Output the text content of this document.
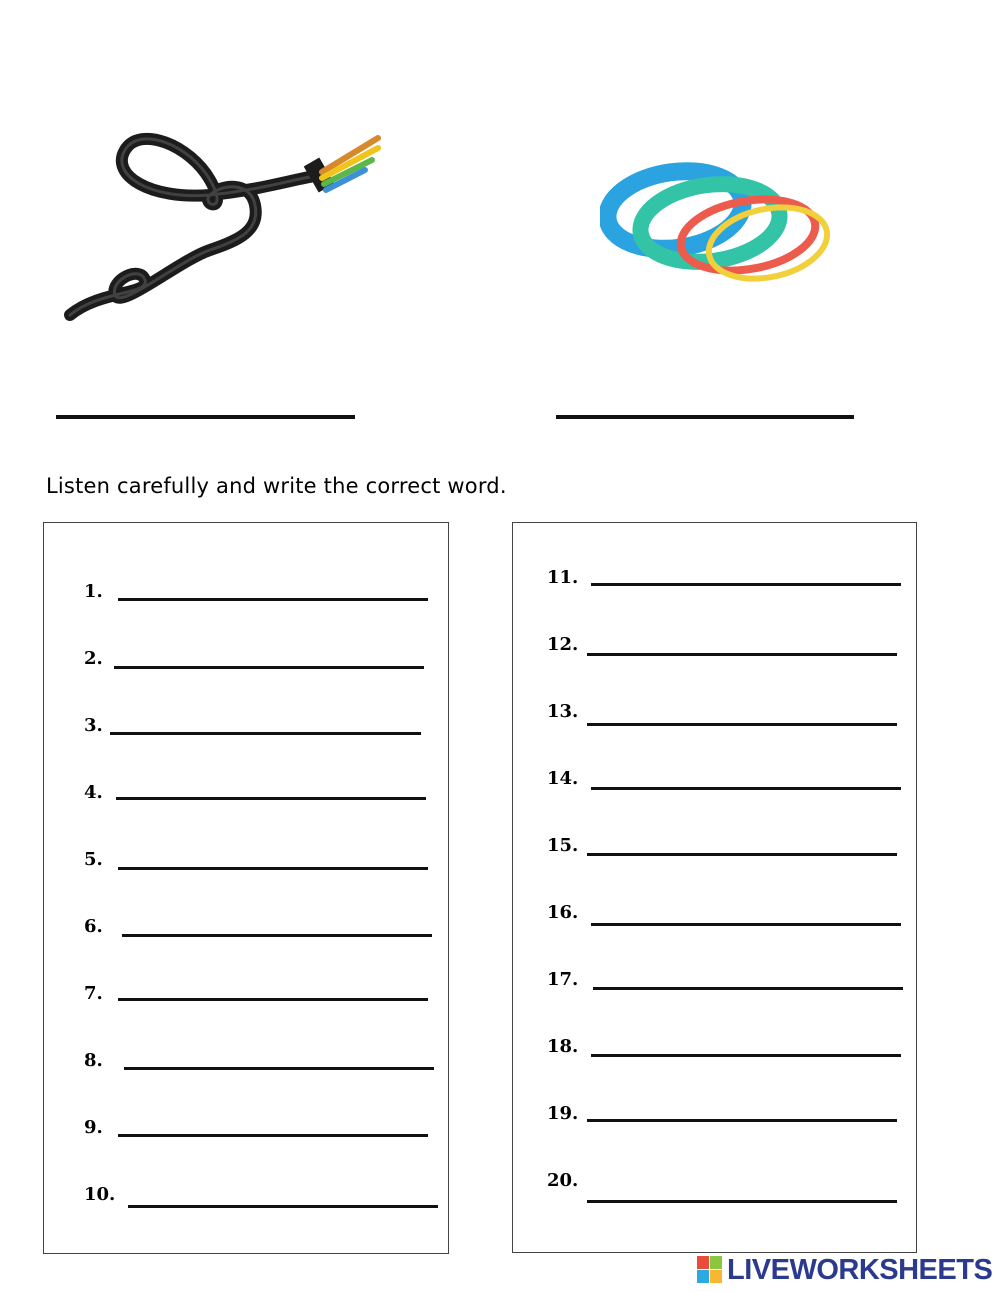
Listen carefully and write the correct word.
1.
2.
3.
4.
5.
6.
7.
8.
9.
10.
11.
12.
13.
14.
15.
16.
17.
18.
19.
20.
LIVEWORKSHEETS
